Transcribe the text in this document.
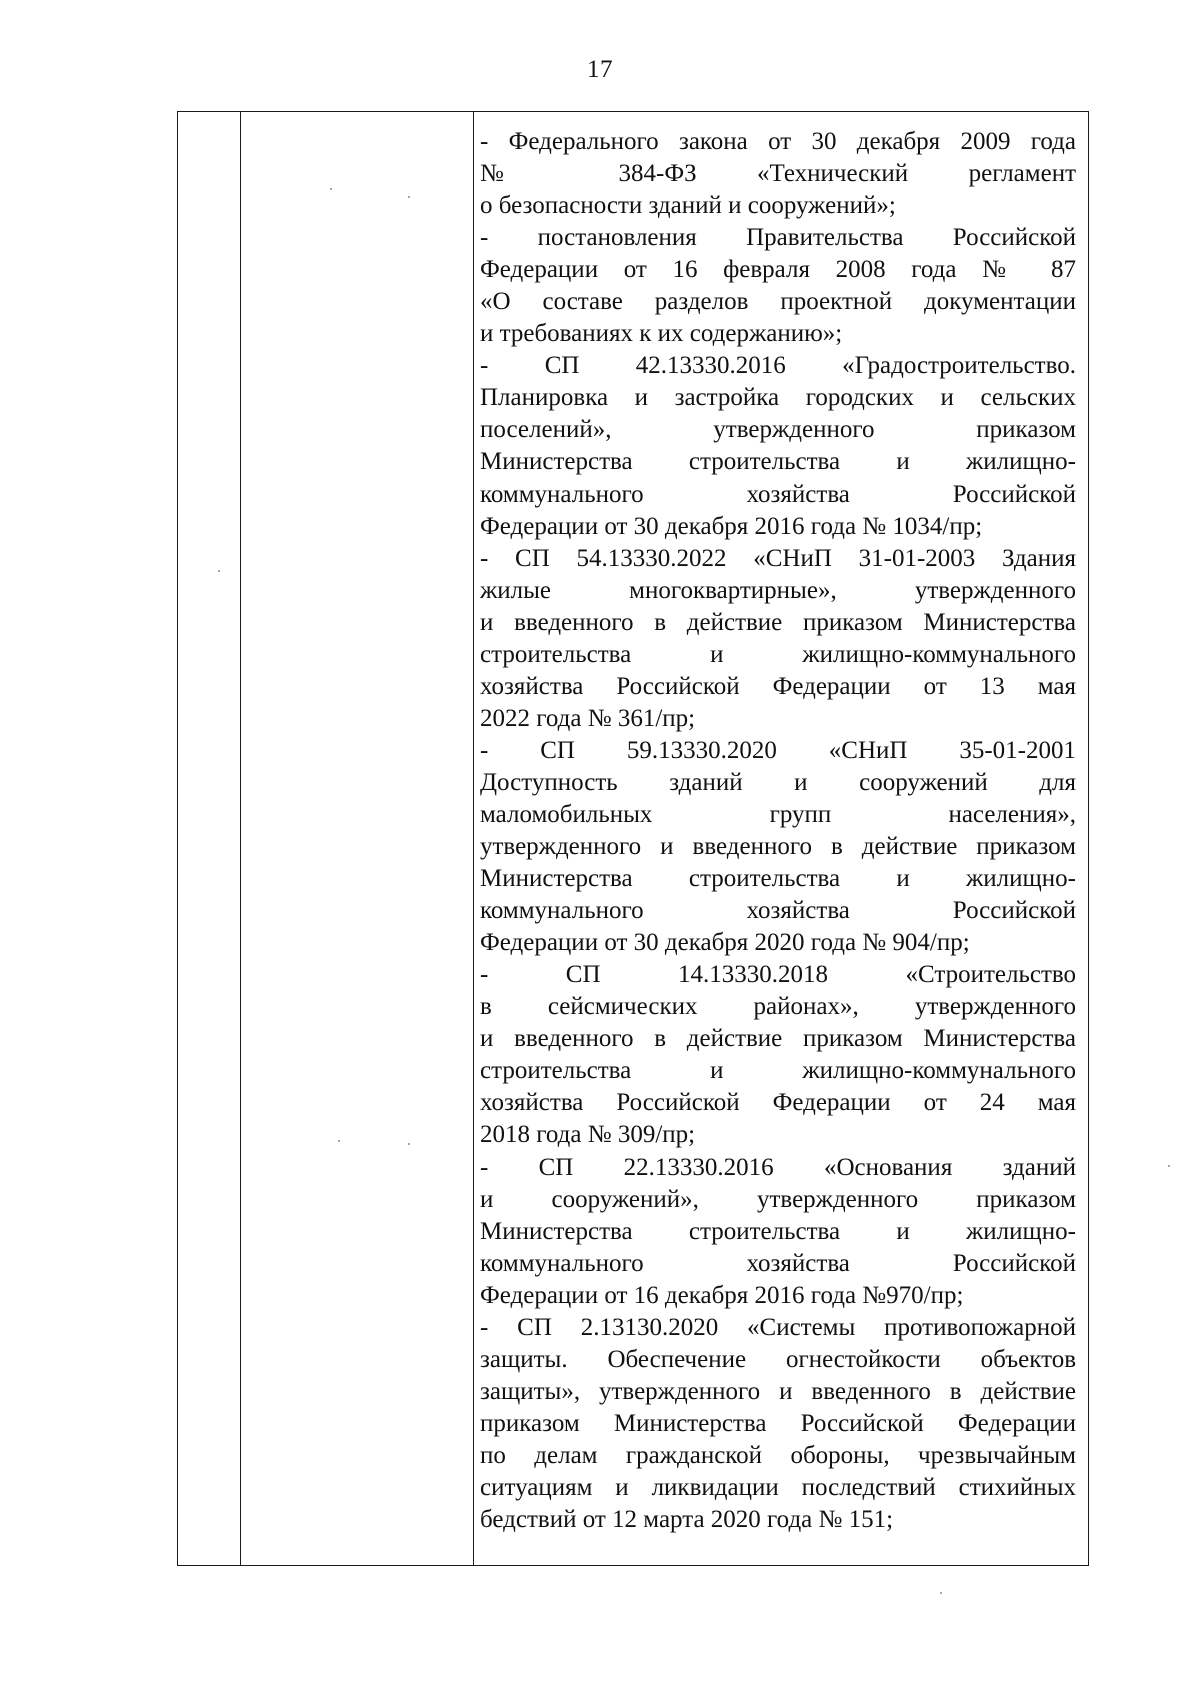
17
- Федерального закона от 30 декабря 2009 года
№ 384-ФЗ «Технический регламент
о безопасности зданий и сооружений»;
- постановления Правительства Российской
Федерации от 16 февраля 2008 года № 87
«О составе разделов проектной документации
и требованиях к их содержанию»;
- СП 42.13330.2016 «Градостроительство.
Планировка и застройка городских и сельских
поселений», утвержденного приказом
Министерства строительства и жилищно-
коммунального хозяйства Российской
Федерации от 30 декабря 2016 года № 1034/пр;
- СП 54.13330.2022 «СНиП 31-01-2003 Здания
жилые многоквартирные», утвержденного
и введенного в действие приказом Министерства
строительства и жилищно-коммунального
хозяйства Российской Федерации от 13 мая
2022 года № 361/пр;
- СП 59.13330.2020 «СНиП 35-01-2001
Доступность зданий и сооружений для
маломобильных групп населения»,
утвержденного и введенного в действие приказом
Министерства строительства и жилищно-
коммунального хозяйства Российской
Федерации от 30 декабря 2020 года № 904/пр;
- СП 14.13330.2018 «Строительство
в сейсмических районах», утвержденного
и введенного в действие приказом Министерства
строительства и жилищно-коммунального
хозяйства Российской Федерации от 24 мая
2018 года № 309/пр;
- СП 22.13330.2016 «Основания зданий
и сооружений», утвержденного приказом
Министерства строительства и жилищно-
коммунального хозяйства Российской
Федерации от 16 декабря 2016 года №970/пр;
- СП 2.13130.2020 «Системы противопожарной
защиты. Обеспечение огнестойкости объектов
защиты», утвержденного и введенного в действие
приказом Министерства Российской Федерации
по делам гражданской обороны, чрезвычайным
ситуациям и ликвидации последствий стихийных
бедствий от 12 марта 2020 года № 151;
